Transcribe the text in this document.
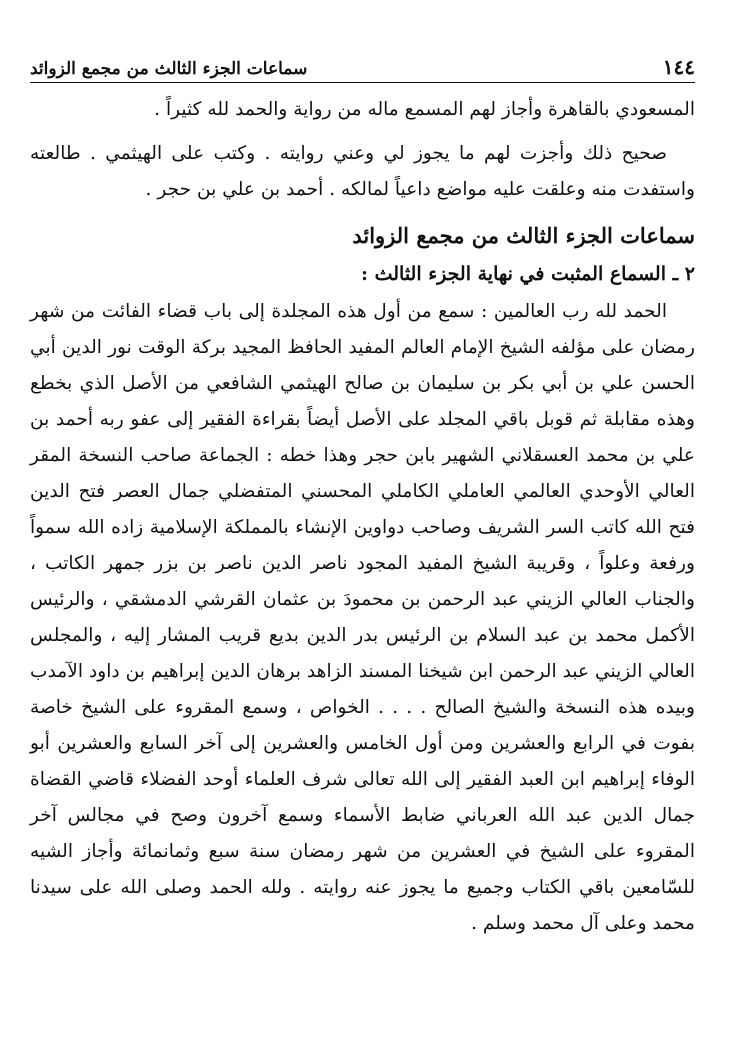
١٤٤
سماعات الجزء الثالث من مجمع الزوائد

المسعودي بالقاهرة وأجاز لهم المسمع ماله من رواية والحمد لله كثيراً .

صحيح ذلك وأجزت لهم ما يجوز لي وعني روايته . وكتب على الهيثمي . طالعته واستفدت منه وعلقت عليه مواضع داعياً لمالكه . أحمد بن علي بن حجر .

سماعات الجزء الثالث من مجمع الزوائد
٢ ـ السماع المثبت في نهاية الجزء الثالث :

الحمد لله رب العالمين : سمع من أول هذه المجلدة إلى باب قضاء الفائت من شهر رمضان على مؤلفه الشيخ الإمام العالم المفيد الحافظ المجيد بركة الوقت نور الدين أبي الحسن علي بن أبي بكر بن سليمان بن صالح الهيثمي الشافعي من الأصل الذي بخطع وهذه مقابلة ثم قوبل باقي المجلد على الأصل أيضاً بقراءة الفقير إلى عفو ربه أحمد بن علي بن محمد العسقلاني الشهير بابن حجر وهذا خطه : الجماعة صاحب النسخة المقر العالي الأوحدي العالمي العاملي الكاملي المحسني المتفضلي جمال العصر فتح الدين فتح الله كاتب السر الشريف وصاحب دواوين الإنشاء بالمملكة الإسلامية زاده الله سمواً ورفعة وعلواً ، وقريبة الشيخ المفيد المجود ناصر الدين ناصر بن بزر جمهر الكاتب ، والجناب العالي الزيني عبد الرحمن بن محمودَ بن عثمان القرشي الدمشقي ، والرئيس الأكمل محمد بن عبد السلام بن الرئيس بدر الدين بديع قريب المشار إليه ، والمجلس العالي الزيني عبد الرحمن ابن شيخنا المسند الزاهد برهان الدين إبراهيم بن داود الآمدب وبيده هذه النسخة والشيخ الصالح . . . . الخواص ، وسمع المقروء على الشيخ خاصة بفوت في الرابع والعشرين ومن أول الخامس والعشرين إلى آخر السابع والعشرين أبو الوفاء إبراهيم ابن العبد الفقير إلى الله تعالى شرف العلماء أوحد الفضلاء قاضي القضاة جمال الدين عبد الله العرباني ضابط الأسماء وسمع آخرون وصح في مجالس آخر المقروء على الشيخ في العشرين من شهر رمضان سنة سبع وثمانمائة وأجاز الشيه للسّامعين باقي الكتاب وجميع ما يجوز عنه روايته . ولله الحمد وصلى الله على سيدنا محمد وعلى آل محمد وسلم .
